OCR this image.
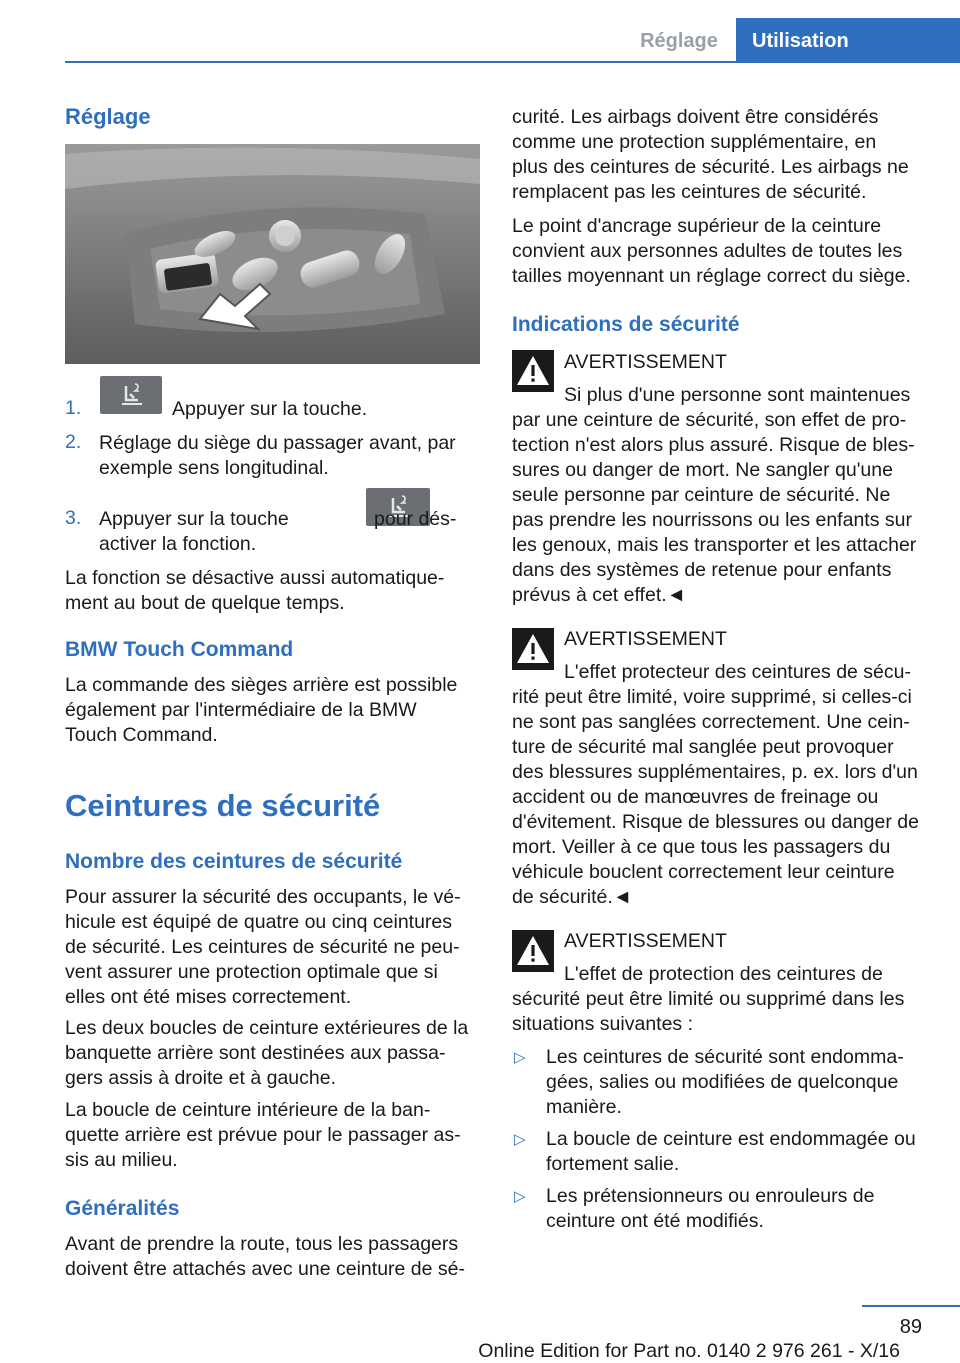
Réglage	Utilisation
Réglage
1.
	Appuyer sur la touche.
2. Réglage du siège du passager avant, par
exemple sens longitudinal.
3. Appuyer sur la touche	pour dés-
activer la fonction.
La fonction se désactive aussi automatique-
ment au bout de quelque temps.
BMW Touch Command
La commande des sièges arrière est possible
également par l'intermédiaire de la BMW
Touch Command.
Ceintures de sécurité
Nombre des ceintures de sécurité
Pour assurer la sécurité des occupants, le vé-
hicule est équipé de quatre ou cinq ceintures
de sécurité. Les ceintures de sécurité ne peu-
vent assurer une protection optimale que si
elles ont été mises correctement.
Les deux boucles de ceinture extérieures de la
banquette arrière sont destinées aux passa-
gers assis à droite et à gauche.
La boucle de ceinture intérieure de la ban-
quette arrière est prévue pour le passager as-
sis au milieu.
Généralités
Avant de prendre la route, tous les passagers
doivent être attachés avec une ceinture de sé-
curité. Les airbags doivent être considérés
comme une protection supplémentaire, en
plus des ceintures de sécurité. Les airbags ne
remplacent pas les ceintures de sécurité.
Le point d'ancrage supérieur de la ceinture
convient aux personnes adultes de toutes les
tailles moyennant un réglage correct du siège.
Indications de sécurité
AVERTISSEMENT
Si plus d'une personne sont maintenues
par une ceinture de sécurité, son effet de pro-
tection n'est alors plus assuré. Risque de bles-
sures ou danger de mort. Ne sangler qu'une
seule personne par ceinture de sécurité. Ne
pas prendre les nourrissons ou les enfants sur
les genoux, mais les transporter et les attacher
dans des systèmes de retenue pour enfants
prévus à cet effet.◄
AVERTISSEMENT
L'effet protecteur des ceintures de sécu-
rité peut être limité, voire supprimé, si celles-ci
ne sont pas sanglées correctement. Une cein-
ture de sécurité mal sanglée peut provoquer
des blessures supplémentaires, p. ex. lors d'un
accident ou de manœuvres de freinage ou
d'évitement. Risque de blessures ou danger de
mort. Veiller à ce que tous les passagers du
véhicule bouclent correctement leur ceinture
de sécurité.◄
AVERTISSEMENT
L'effet de protection des ceintures de
sécurité peut être limité ou supprimé dans les
situations suivantes :
▷ Les ceintures de sécurité sont endomma-
gées, salies ou modifiées de quelconque
manière.
▷ La boucle de ceinture est endommagée ou
fortement salie.
▷ Les prétensionneurs ou enrouleurs de
ceinture ont été modifiés.
89
Online Edition for Part no. 0140 2 976 261 - X/16
